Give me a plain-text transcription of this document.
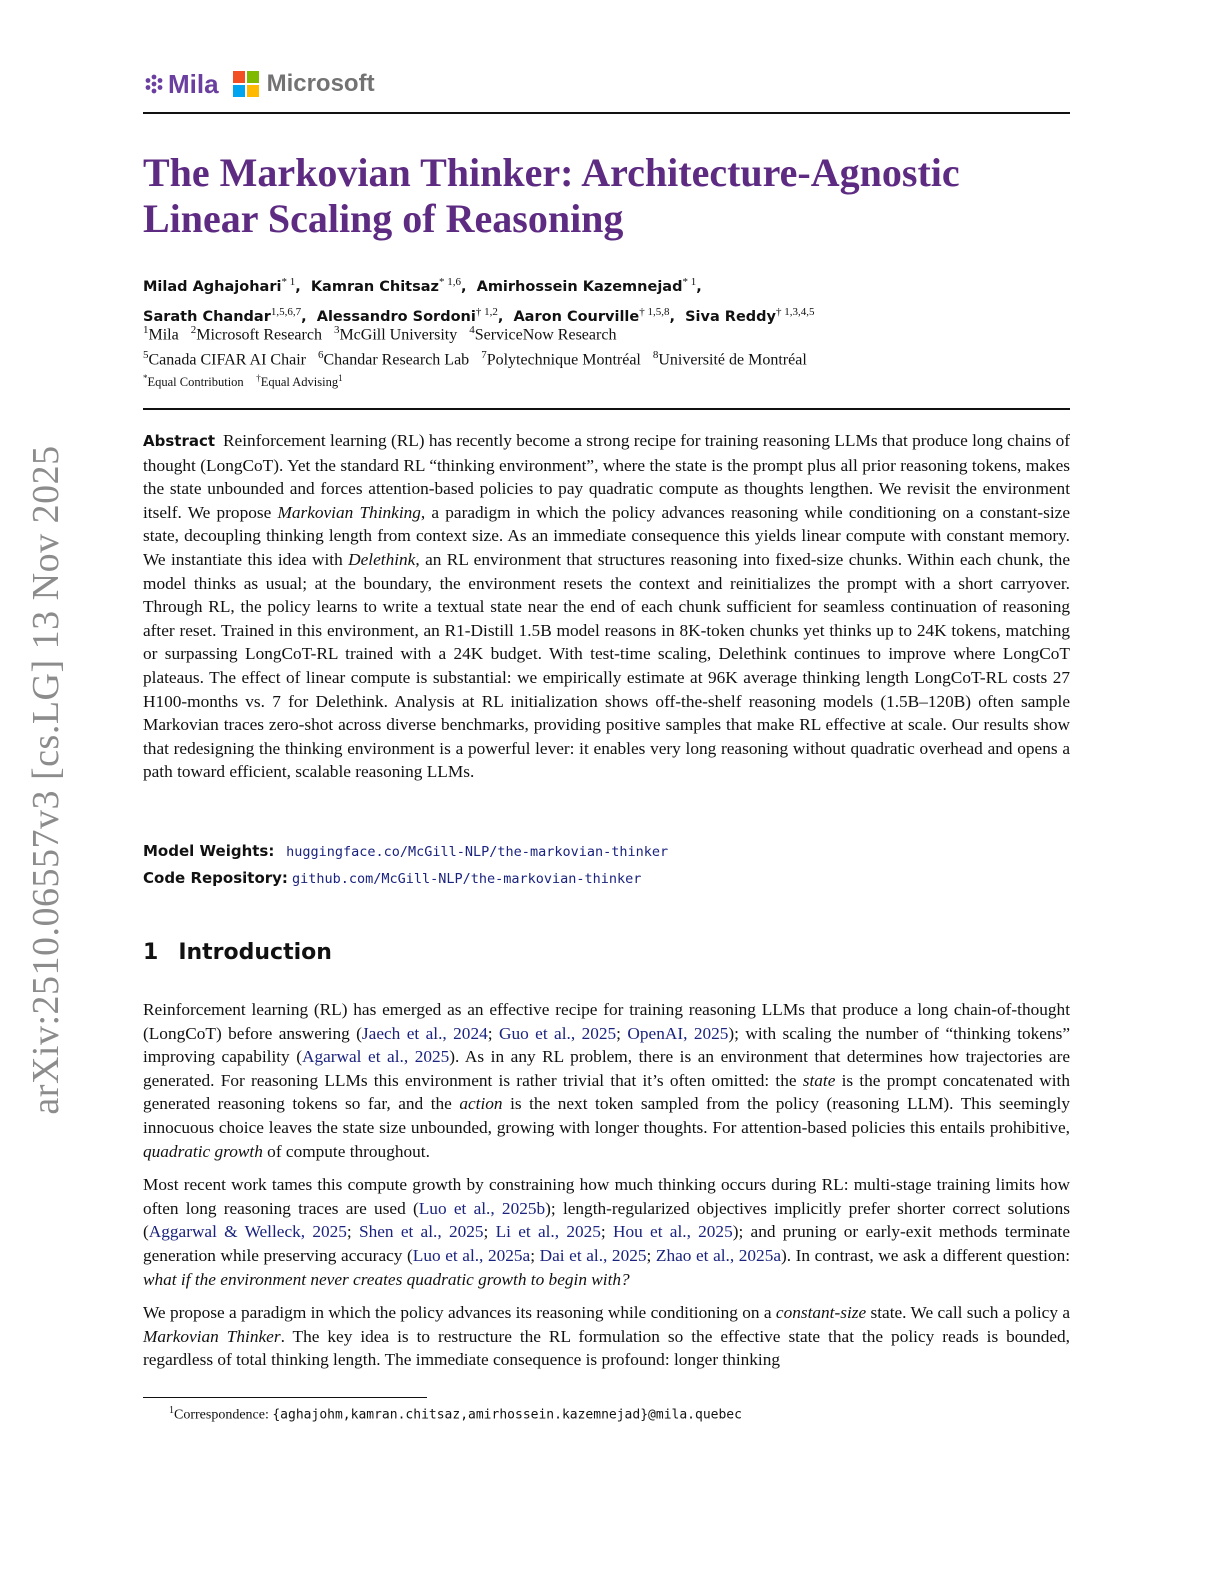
arXiv:2510.06557v3 [cs.LG] 13 Nov 2025
Mila Microsoft
The Markovian Thinker: Architecture-Agnostic
Linear Scaling of Reasoning
Milad Aghajohari$^{* 1}$,  Kamran Chitsaz$^{* 1,6}$,  Amirhossein Kazemnejad$^{* 1}$,
Sarath Chandar$^{1,5,6,7}$,  Alessandro Sordoni$^{\dagger 1,2}$,  Aaron Courville$^{\dagger 1,5,8}$,  Siva Reddy$^{\dagger 1,3,4,5}$
$^1$Mila $^2$Microsoft Research $^3$McGill University $^4$ServiceNow Research
$^5$Canada CIFAR AI Chair $^6$Chandar Research Lab $^7$Polytechnique Montréal $^8$Université de Montréal
*Equal Contribution †Equal Advising$^1$
Abstract Reinforcement learning (RL) has recently become a strong recipe for training reasoning LLMs that produce long chains of thought (LongCoT). Yet the standard RL “thinking environment”, where the state is the prompt plus all prior reasoning tokens, makes the state unbounded and forces attention-based policies to pay quadratic compute as thoughts lengthen. We revisit the environment itself. We propose Markovian Thinking, a paradigm in which the policy advances reasoning while conditioning on a constant-size state, decoupling thinking length from context size. As an immediate consequence this yields linear compute with constant memory. We instantiate this idea with Delethink, an RL environment that structures reasoning into fixed-size chunks. Within each chunk, the model thinks as usual; at the boundary, the environment resets the context and reinitializes the prompt with a short carryover. Through RL, the policy learns to write a textual state near the end of each chunk sufficient for seamless continuation of reasoning after reset. Trained in this environment, an R1-Distill 1.5B model reasons in 8K-token chunks yet thinks up to 24K tokens, matching or surpassing LongCoT-RL trained with a 24K budget. With test-time scaling, Delethink continues to improve where LongCoT plateaus. The effect of linear compute is substantial: we empirically estimate at 96K average thinking length LongCoT-RL costs 27 H100-months vs. 7 for Delethink. Analysis at RL initialization shows off-the-shelf reasoning models (1.5B–120B) often sample Markovian traces zero-shot across diverse benchmarks, providing positive samples that make RL effective at scale. Our results show that redesigning the thinking environment is a powerful lever: it enables very long reasoning without quadratic overhead and opens a path toward efficient, scalable reasoning LLMs.
Model Weights: huggingface.co/McGill-NLP/the-markovian-thinker
Code Repository: github.com/McGill-NLP/the-markovian-thinker
1 Introduction

Reinforcement learning (RL) has emerged as an effective recipe for training reasoning LLMs that produce a long chain-of-thought (LongCoT) before answering (Jaech et al., 2024; Guo et al., 2025; OpenAI, 2025); with scaling the number of “thinking tokens” improving capability (Agarwal et al., 2025). As in any RL problem, there is an environment that determines how trajectories are generated. For reasoning LLMs this environment is rather trivial that it’s often omitted: the state is the prompt concatenated with generated reasoning tokens so far, and the action is the next token sampled from the policy (reasoning LLM). This seemingly innocuous choice leaves the state size unbounded, growing with longer thoughts. For attention-based policies this entails prohibitive, quadratic growth of compute throughout.

Most recent work tames this compute growth by constraining how much thinking occurs during RL: multi-stage training limits how often long reasoning traces are used (Luo et al., 2025b); length-regularized objectives implicitly prefer shorter correct solutions (Aggarwal & Welleck, 2025; Shen et al., 2025; Li et al., 2025; Hou et al., 2025); and pruning or early-exit methods terminate generation while preserving accuracy (Luo et al., 2025a; Dai et al., 2025; Zhao et al., 2025a). In contrast, we ask a different question: what if the environment never creates quadratic growth to begin with?

We propose a paradigm in which the policy advances its reasoning while conditioning on a constant-size state. We call such a policy a Markovian Thinker. The key idea is to restructure the RL formulation so the effective state that the policy reads is bounded, regardless of total thinking length. The immediate consequence is profound: longer thinking

$^1$Correspondence: {aghajohm,kamran.chitsaz,amirhossein.kazemnejad}@mila.quebec
